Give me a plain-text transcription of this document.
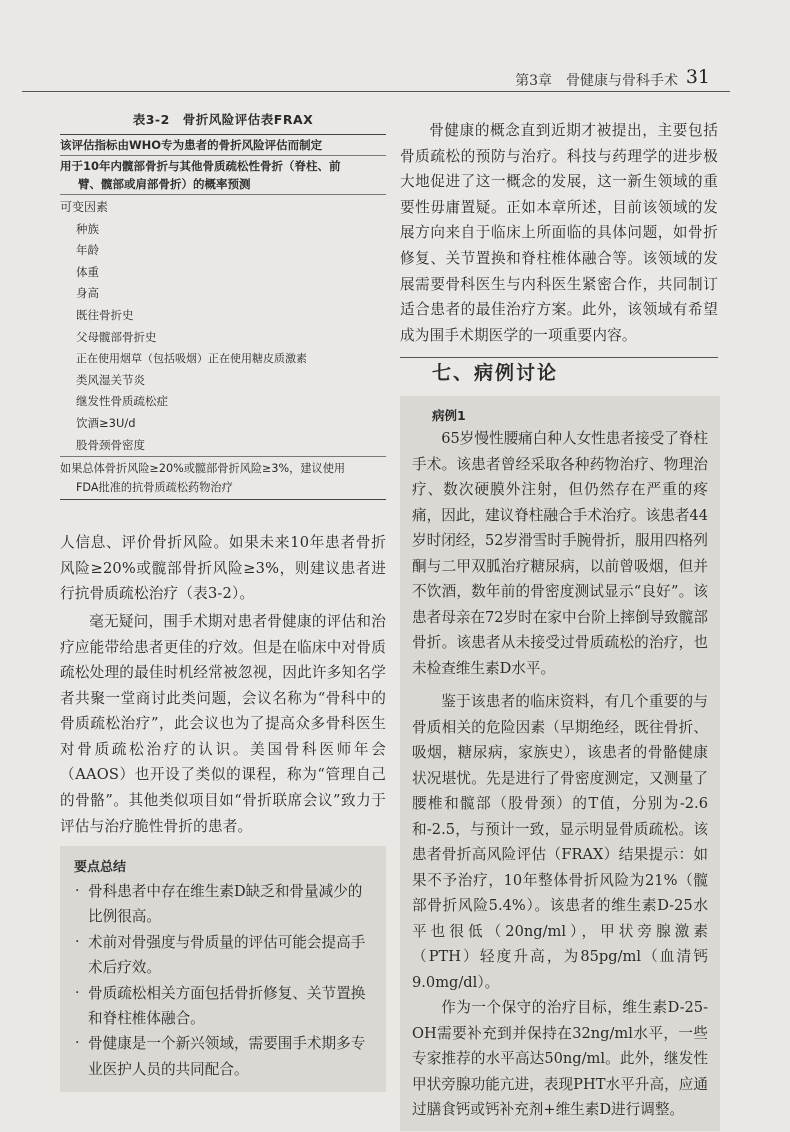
第3章　骨健康与骨科手术 31
表3-2　骨折风险评估表FRAX
该评估指标由WHO专为患者的骨折风险评估而制定
用于10年内髋部骨折与其他骨质疏松性骨折（脊柱、前
臂、髋部或肩部骨折）的概率预测
可变因素
种族
年龄
体重
身高
既往骨折史
父母髋部骨折史
正在使用烟草（包括吸烟）正在使用糖皮质激素
类风湿关节炎
继发性骨质疏松症
饮酒≥3U/d
股骨颈骨密度
如果总体骨折风险≥20%或髋部骨折风险≥3%，建议使用
FDA批准的抗骨质疏松药物治疗

人信息、评价骨折风险。如果未来10年患者骨折风险≥20%或髋部骨折风险≥3%，则建议患者进行抗骨质疏松治疗（表3-2）。

毫无疑问，围手术期对患者骨健康的评估和治疗应能带给患者更佳的疗效。但是在临床中对骨质疏松处理的最佳时机经常被忽视，因此许多知名学者共聚一堂商讨此类问题，会议名称为“骨科中的骨质疏松治疗”，此会议也为了提高众多骨科医生对骨质疏松治疗的认识。美国骨科医师年会（AAOS）也开设了类似的课程，称为“管理自己的骨骼”。其他类似项目如“骨折联席会议”致力于评估与治疗脆性骨折的患者。

要点总结
· 骨科患者中存在维生素D缺乏和骨量减少的比例很高。
· 术前对骨强度与骨质量的评估可能会提高手术后疗效。
· 骨质疏松相关方面包括骨折修复、关节置换和脊柱椎体融合。
· 骨健康是一个新兴领域，需要围手术期多专业医护人员的共同配合。

骨健康的概念直到近期才被提出，主要包括骨质疏松的预防与治疗。科技与药理学的进步极大地促进了这一概念的发展，这一新生领域的重要性毋庸置疑。正如本章所述，目前该领域的发展方向来自于临床上所面临的具体问题，如骨折修复、关节置换和脊柱椎体融合等。该领域的发展需要骨科医生与内科医生紧密合作，共同制订适合患者的最佳治疗方案。此外，该领域有希望成为围手术期医学的一项重要内容。

七、病例讨论
病例1

65岁慢性腰痛白种人女性患者接受了脊柱手术。该患者曾经采取各种药物治疗、物理治疗、数次硬膜外注射，但仍然存在严重的疼痛，因此，建议脊柱融合手术治疗。该患者44岁时闭经，52岁滑雪时手腕骨折，服用四格列酮与二甲双胍治疗糖尿病，以前曾吸烟，但并不饮酒，数年前的骨密度测试显示“良好”。该患者母亲在72岁时在家中台阶上摔倒导致髋部骨折。该患者从未接受过骨质疏松的治疗，也未检查维生素D水平。

鉴于该患者的临床资料，有几个重要的与骨质相关的危险因素（早期绝经，既往骨折、吸烟，糖尿病，家族史），该患者的骨骼健康状况堪忧。先是进行了骨密度测定，又测量了腰椎和髋部（股骨颈）的T值，分别为-2.6和-2.5，与预计一致，显示明显骨质疏松。该患者骨折高风险评估（FRAX）结果提示：如果不予治疗，10年整体骨折风险为21%（髋部骨折风险5.4%）。该患者的维生素D-25水平也很低（20ng/ml），甲状旁腺激素（PTH）轻度升高，为85pg/ml（血清钙9.0mg/dl）。

作为一个保守的治疗目标，维生素D-25-OH需要补充到并保持在32ng/ml水平，一些专家推荐的水平高达50ng/ml。此外，继发性甲状旁腺功能亢进，表现PHT水平升高，应通过膳食钙或钙补充剂+维生素D进行调整。
